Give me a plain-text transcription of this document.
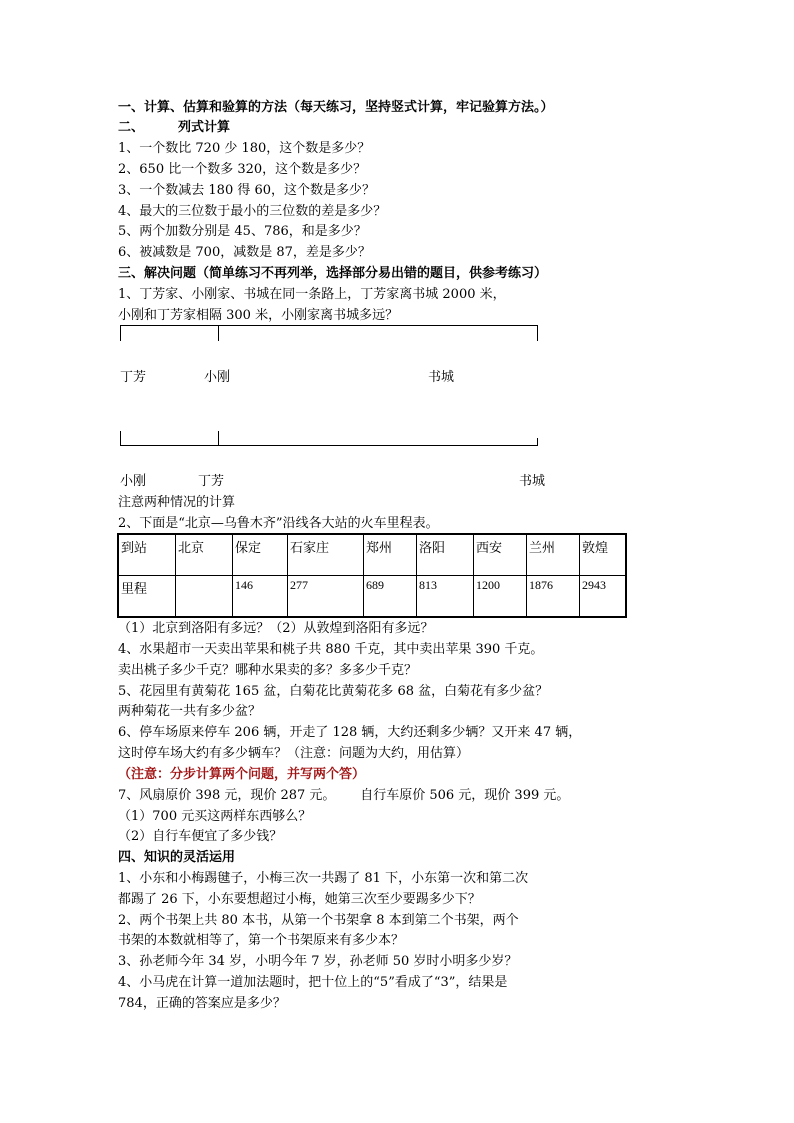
一、计算、估算和验算的方法（每天练习，坚持竖式计算，牢记验算方法。）
二、	列式计算
1、一个数比 720 少 180，这个数是多少？
2、650 比一个数多 320，这个数是多少？
3、一个数减去 180 得 60，这个数是多少？
4、最大的三位数于最小的三位数的差是多少？
5、两个加数分别是 45、786，和是多少？
6、被减数是 700，减数是 87，差是多少？
三、解决问题（简单练习不再列举，选择部分易出错的题目，供参考练习）
1、丁芳家、小刚家、书城在同一条路上，丁芳家离书城 2000 米，
小刚和丁芳家相隔 300 米，小刚家离书城多远？
丁芳	小刚	书城
小刚	丁芳	书城
注意两种情况的计算
2、下面是“北京—乌鲁木齐”沿线各大站的火车里程表。
到站	北京	保定	石家庄	郑州	洛阳	西安	兰州	敦煌
里程		146	277	689	813	1200	1876	2943
（1）北京到洛阳有多远？（2）从敦煌到洛阳有多远？
4、水果超市一天卖出苹果和桃子共 880 千克，其中卖出苹果 390 千克。
卖出桃子多少千克？哪种水果卖的多？多多少千克？
5、花园里有黄菊花 165 盆，白菊花比黄菊花多 68 盆，白菊花有多少盆？
两种菊花一共有多少盆？
6、停车场原来停车 206 辆，开走了 128 辆，大约还剩多少辆？又开来 47 辆，
这时停车场大约有多少辆车？（注意：问题为大约，用估算）
（注意：分步计算两个问题，并写两个答）
7、风扇原价 398 元，现价 287 元。      自行车原价 506 元，现价 399 元。
（1）700 元买这两样东西够么？
（2）自行车便宜了多少钱？
四、知识的灵活运用
1、小东和小梅踢毽子，小梅三次一共踢了 81 下，小东第一次和第二次
都踢了 26 下，小东要想超过小梅，她第三次至少要踢多少下？
2、两个书架上共 80 本书，从第一个书架拿 8 本到第二个书架，两个
书架的本数就相等了，第一个书架原来有多少本？
3、孙老师今年 34 岁，小明今年 7 岁，孙老师 50 岁时小明多少岁？
4、小马虎在计算一道加法题时，把十位上的“5”看成了“3”，结果是
784，正确的答案应是多少？
